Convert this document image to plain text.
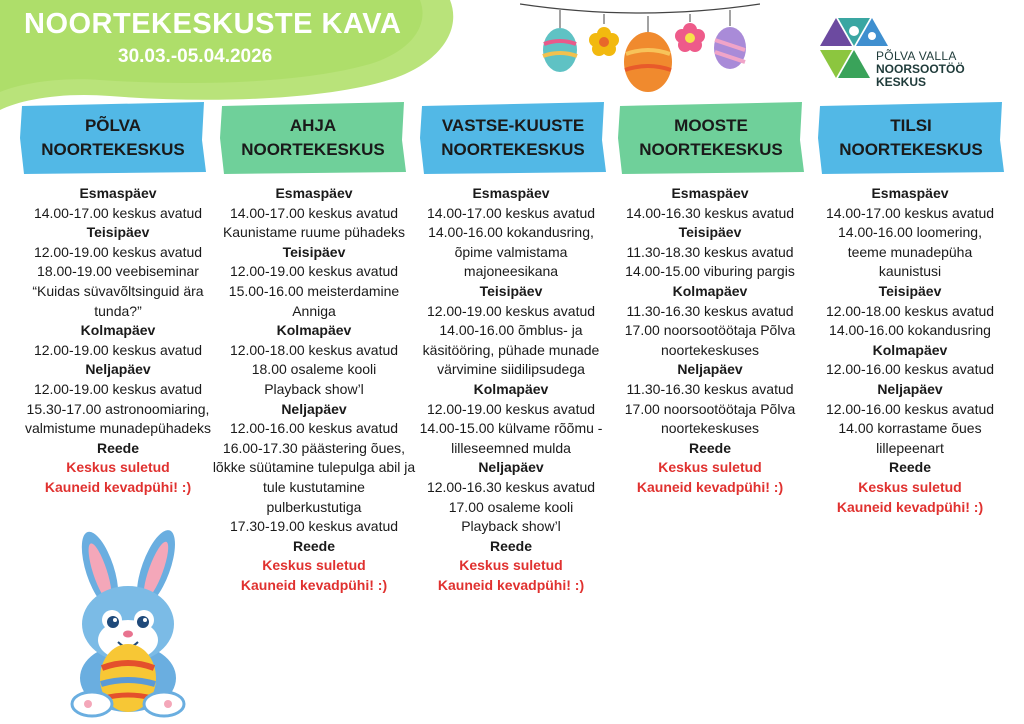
NOORTEKESKUSTE KAVA
30.03.-05.04.2026	PÕLVA VALLA
NOORSOOTÖÖ
KESKUS
PÕLVA NOORTEKESKUS
AHJA NOORTEKESKUS
VASTSE-KUUSTE NOORTEKESKUS
MOOSTE NOORTEKESKUS
TILSI NOORTEKESKUS
Esmaspäev
14.00-17.00 keskus avatud
Teisipäev
12.00-19.00 keskus avatud
18.00-19.00 veebiseminar
“Kuidas süvavõltsinguid ära
tunda?”
Kolmapäev
12.00-19.00 keskus avatud
Neljapäev
12.00-19.00 keskus avatud
15.30-17.00 astronoomiaring,
valmistume munadepühadeks
Reede
Keskus suletud
Kauneid kevadpühi! :)
Esmaspäev
14.00-17.00 keskus avatud
Kaunistame ruume pühadeks
Teisipäev
12.00-19.00 keskus avatud
15.00-16.00 meisterdamine
Anniga
Kolmapäev
12.00-18.00 keskus avatud
18.00 osaleme kooli
Playback show’l
Neljapäev
12.00-16.00 keskus avatud
16.00-17.30 päästering õues,
lõkke süütamine tulepulga abil ja
tule kustutamine
pulberkustutiga
17.30-19.00 keskus avatud
Reede
Keskus suletud
Kauneid kevadpühi! :)
Esmaspäev
14.00-17.00 keskus avatud
14.00-16.00 kokandusring,
õpime valmistama
majoneesikana
Teisipäev
12.00-19.00 keskus avatud
14.00-16.00 õmblus- ja
käsitööring, pühade munade
värvimine siidilipsudega
Kolmapäev
12.00-19.00 keskus avatud
14.00-15.00 külvame rõõmu -
lilleseemned mulda
Neljapäev
12.00-16.30 keskus avatud
17.00 osaleme kooli
Playback show’l
Reede
Keskus suletud
Kauneid kevadpühi! :)
Esmaspäev
14.00-16.30 keskus avatud
Teisipäev
11.30-18.30 keskus avatud
14.00-15.00 viburing pargis
Kolmapäev
11.30-16.30 keskus avatud
17.00 noorsootöötaja Põlva
noortekeskuses
Neljapäev
11.30-16.30 keskus avatud
17.00 noorsootöötaja Põlva
noortekeskuses
Reede
Keskus suletud
Kauneid kevadpühi! :)
Esmaspäev
14.00-17.00 keskus avatud
14.00-16.00 loomering,
teeme munadepüha
kaunistusi
Teisipäev
12.00-18.00 keskus avatud
14.00-16.00 kokandusring
Kolmapäev
12.00-16.00 keskus avatud
Neljapäev
12.00-16.00 keskus avatud
14.00 korrastame õues
lillepeenart
Reede
Keskus suletud
Kauneid kevadpühi! :)
